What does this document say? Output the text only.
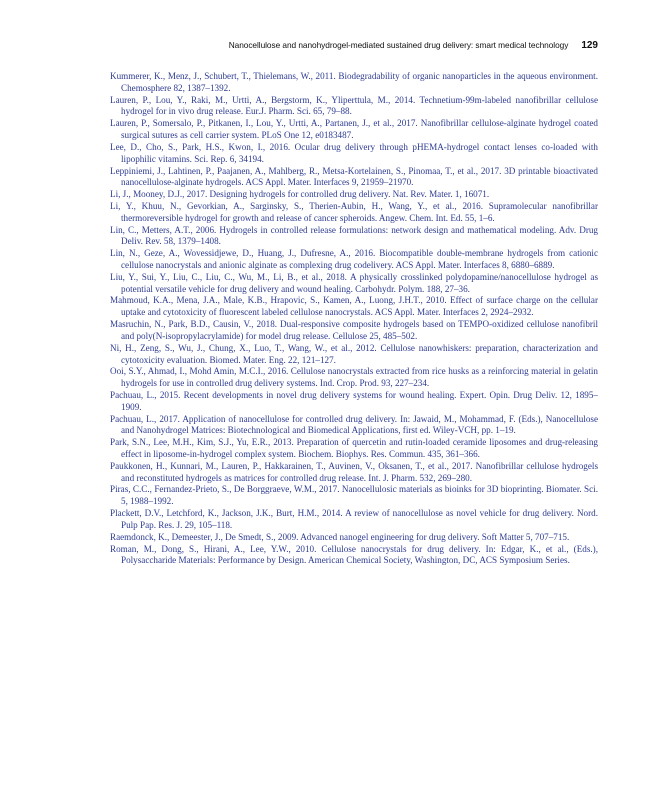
Nanocellulose and nanohydrogel-mediated sustained drug delivery: smart medical technology 129

Kummerer, K., Menz, J., Schubert, T., Thielemans, W., 2011. Biodegradability of organic nanoparticles in the aqueous environment. Chemosphere 82, 1387–1392.

Lauren, P., Lou, Y., Raki, M., Urtti, A., Bergstorm, K., Yliperttula, M., 2014. Technetium-99m-labeled nanofibrillar cellulose hydrogel for in vivo drug release. Eur.J. Pharm. Sci. 65, 79–88.

Lauren, P., Somersalo, P., Pitkanen, I., Lou, Y., Urtti, A., Partanen, J., et al., 2017. Nanofibrillar cellulose-alginate hydrogel coated surgical sutures as cell carrier system. PLoS One 12, e0183487.

Lee, D., Cho, S., Park, H.S., Kwon, I., 2016. Ocular drug delivery through pHEMA-hydrogel contact lenses co-loaded with lipophilic vitamins. Sci. Rep. 6, 34194.

Leppiniemi, J., Lahtinen, P., Paajanen, A., Mahlberg, R., Metsa-Kortelainen, S., Pinomaa, T., et al., 2017. 3D printable bioactivated nanocellulose-alginate hydrogels. ACS Appl. Mater. Interfaces 9, 21959–21970.

Li, J., Mooney, D.J., 2017. Designing hydrogels for controlled drug delivery. Nat. Rev. Mater. 1, 16071.

Li, Y., Khuu, N., Gevorkian, A., Sarginsky, S., Therien-Aubin, H., Wang, Y., et al., 2016. Supramolecular nanofibrillar thermoreversible hydrogel for growth and release of cancer spheroids. Angew. Chem. Int. Ed. 55, 1–6.

Lin, C., Metters, A.T., 2006. Hydrogels in controlled release formulations: network design and mathematical modeling. Adv. Drug Deliv. Rev. 58, 1379–1408.

Lin, N., Geze, A., Wovessidjewe, D., Huang, J., Dufresne, A., 2016. Biocompatible double-membrane hydrogels from cationic cellulose nanocrystals and anionic alginate as complexing drug codelivery. ACS Appl. Mater. Interfaces 8, 6880–6889.

Liu, Y., Sui, Y., Liu, C., Liu, C., Wu, M., Li, B., et al., 2018. A physically crosslinked polydopamine/nanocellulose hydrogel as potential versatile vehicle for drug delivery and wound healing. Carbohydr. Polym. 188, 27–36.

Mahmoud, K.A., Mena, J.A., Male, K.B., Hrapovic, S., Kamen, A., Luong, J.H.T., 2010. Effect of surface charge on the cellular uptake and cytotoxicity of fluorescent labeled cellulose nanocrystals. ACS Appl. Mater. Interfaces 2, 2924–2932.

Masruchin, N., Park, B.D., Causin, V., 2018. Dual-responsive composite hydrogels based on TEMPO-oxidized cellulose nanofibril and poly(N-isopropylacrylamide) for model drug release. Cellulose 25, 485–502.

Ni, H., Zeng, S., Wu, J., Chung, X., Luo, T., Wang, W., et al., 2012. Cellulose nanowhiskers: preparation, characterization and cytotoxicity evaluation. Biomed. Mater. Eng. 22, 121–127.

Ooi, S.Y., Ahmad, I., Mohd Amin, M.C.I., 2016. Cellulose nanocrystals extracted from rice husks as a reinforcing material in gelatin hydrogels for use in controlled drug delivery systems. Ind. Crop. Prod. 93, 227–234.

Pachuau, L., 2015. Recent developments in novel drug delivery systems for wound healing. Expert. Opin. Drug Deliv. 12, 1895–1909.

Pachuau, L., 2017. Application of nanocellulose for controlled drug delivery. In: Jawaid, M., Mohammad, F. (Eds.), Nanocellulose and Nanohydrogel Matrices: Biotechnological and Biomedical Applications, first ed. Wiley-VCH, pp. 1–19.

Park, S.N., Lee, M.H., Kim, S.J., Yu, E.R., 2013. Preparation of quercetin and rutin-loaded ceramide liposomes and drug-releasing effect in liposome-in-hydrogel complex system. Biochem. Biophys. Res. Commun. 435, 361–366.

Paukkonen, H., Kunnari, M., Lauren, P., Hakkarainen, T., Auvinen, V., Oksanen, T., et al., 2017. Nanofibrillar cellulose hydrogels and reconstituted hydrogels as matrices for controlled drug release. Int. J. Pharm. 532, 269–280.

Piras, C.C., Fernandez-Prieto, S., De Borggraeve, W.M., 2017. Nanocellulosic materials as bioinks for 3D bioprinting. Biomater. Sci. 5, 1988–1992.

Plackett, D.V., Letchford, K., Jackson, J.K., Burt, H.M., 2014. A review of nanocellulose as novel vehicle for drug delivery. Nord. Pulp Pap. Res. J. 29, 105–118.

Raemdonck, K., Demeester, J., De Smedt, S., 2009. Advanced nanogel engineering for drug delivery. Soft Matter 5, 707–715.

Roman, M., Dong, S., Hirani, A., Lee, Y.W., 2010. Cellulose nanocrystals for drug delivery. In: Edgar, K., et al., (Eds.), Polysaccharide Materials: Performance by Design. American Chemical Society, Washington, DC, ACS Symposium Series.
